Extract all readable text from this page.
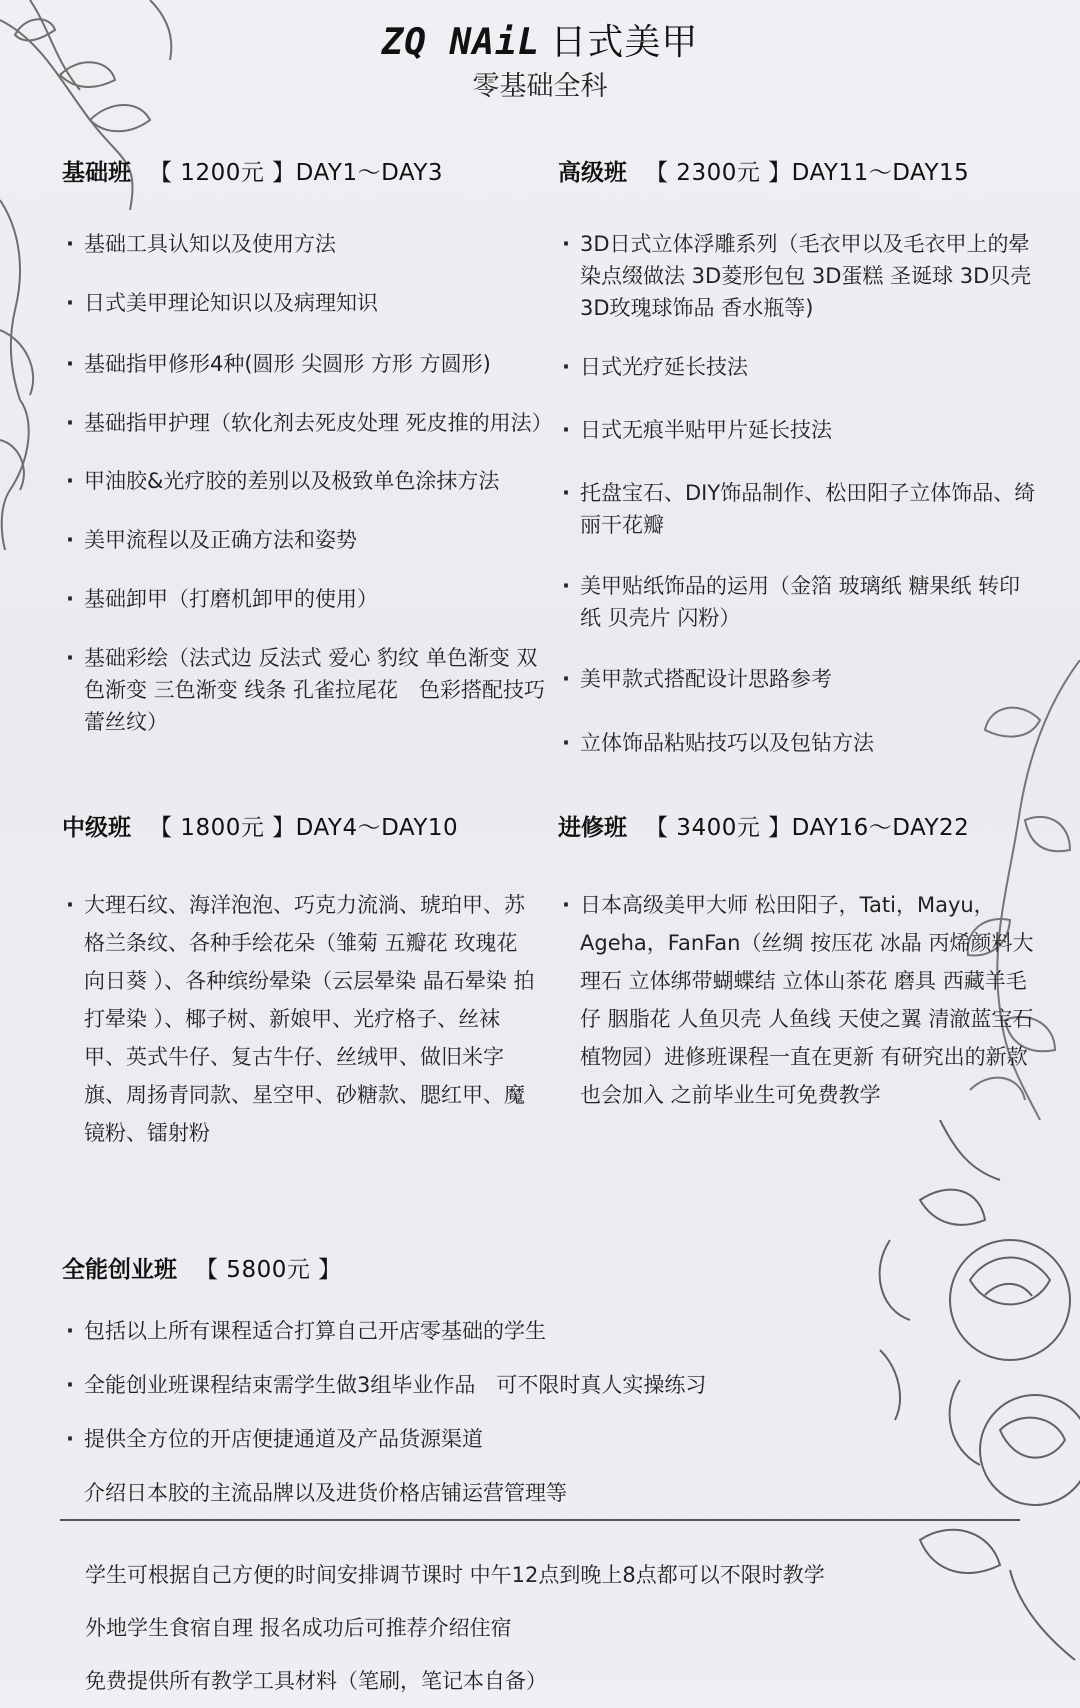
ZQ NAiL 日式美甲
零基础全科
基础班 【 1200元 】DAY1～DAY3
· 基础工具认知以及使用方法
· 日式美甲理论知识以及病理知识
· 基础指甲修形4种(圆形 尖圆形 方形 方圆形)
· 基础指甲护理（软化剂去死皮处理 死皮推的用法）
· 甲油胶&光疗胶的差别以及极致单色涂抹方法
· 美甲流程以及正确方法和姿势
· 基础卸甲（打磨机卸甲的使用）
· 基础彩绘（法式边 反法式 爱心 豹纹 单色渐变 双色渐变 三色渐变 线条 孔雀拉尾花　色彩搭配技巧 蕾丝纹）
高级班 【 2300元 】DAY11～DAY15
· 3D日式立体浮雕系列（毛衣甲以及毛衣甲上的晕染点缀做法 3D菱形包包 3D蛋糕 圣诞球 3D贝壳 3D玫瑰球饰品 香水瓶等)
· 日式光疗延长技法
· 日式无痕半贴甲片延长技法
· 托盘宝石、DIY饰品制作、松田阳子立体饰品、绮丽干花瓣
· 美甲贴纸饰品的运用（金箔 玻璃纸 糖果纸 转印纸 贝壳片 闪粉）
· 美甲款式搭配设计思路参考
· 立体饰品粘贴技巧以及包钻方法
中级班 【 1800元 】DAY4～DAY10
· 大理石纹、海洋泡泡、巧克力流淌、琥珀甲、苏格兰条纹、各种手绘花朵（雏菊 五瓣花 玫瑰花 向日葵 ）、各种缤纷晕染（云层晕染 晶石晕染 拍打晕染 ）、椰子树、新娘甲、光疗格子、丝袜甲、英式牛仔、复古牛仔、丝绒甲、做旧米字旗、周扬青同款、星空甲、砂糖款、腮红甲、魔镜粉、镭射粉
进修班 【 3400元 】DAY16～DAY22
· 日本高级美甲大师 松田阳子，Tati，Mayu，Ageha，FanFan（丝绸 按压花 冰晶 丙烯颜料大理石 立体绑带蝴蝶结 立体山茶花 磨具 西藏羊毛仔 胭脂花 人鱼贝壳 人鱼线 天使之翼 清澈蓝宝石 植物园）进修班课程一直在更新 有研究出的新款也会加入 之前毕业生可免费教学
全能创业班 【 5800元 】
· 包括以上所有课程适合打算自己开店零基础的学生
· 全能创业班课程结束需学生做3组毕业作品　可不限时真人实操练习
· 提供全方位的开店便捷通道及产品货源渠道
介绍日本胶的主流品牌以及进货价格店铺运营管理等
学生可根据自己方便的时间安排调节课时 中午12点到晚上8点都可以不限时教学
外地学生食宿自理 报名成功后可推荐介绍住宿
免费提供所有教学工具材料（笔刷，笔记本自备）
